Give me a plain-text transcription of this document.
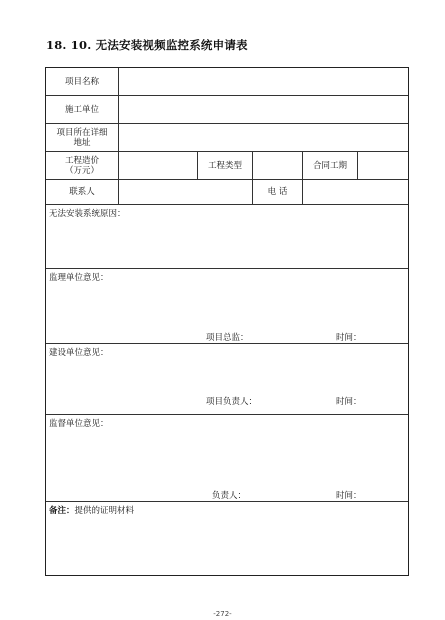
18. 10. 无法安装视频监控系统申请表
项目名称
施工单位
项目所在详细
地址
工程造价
（万元）	工程类型	合同工期
联系人	电 话
无法安装系统原因：
监理单位意见：
项目总监：	时间：
建设单位意见：
项目负责人：	时间：
监督单位意见：
负责人：	时间：
备注：提供的证明材料
-272-
